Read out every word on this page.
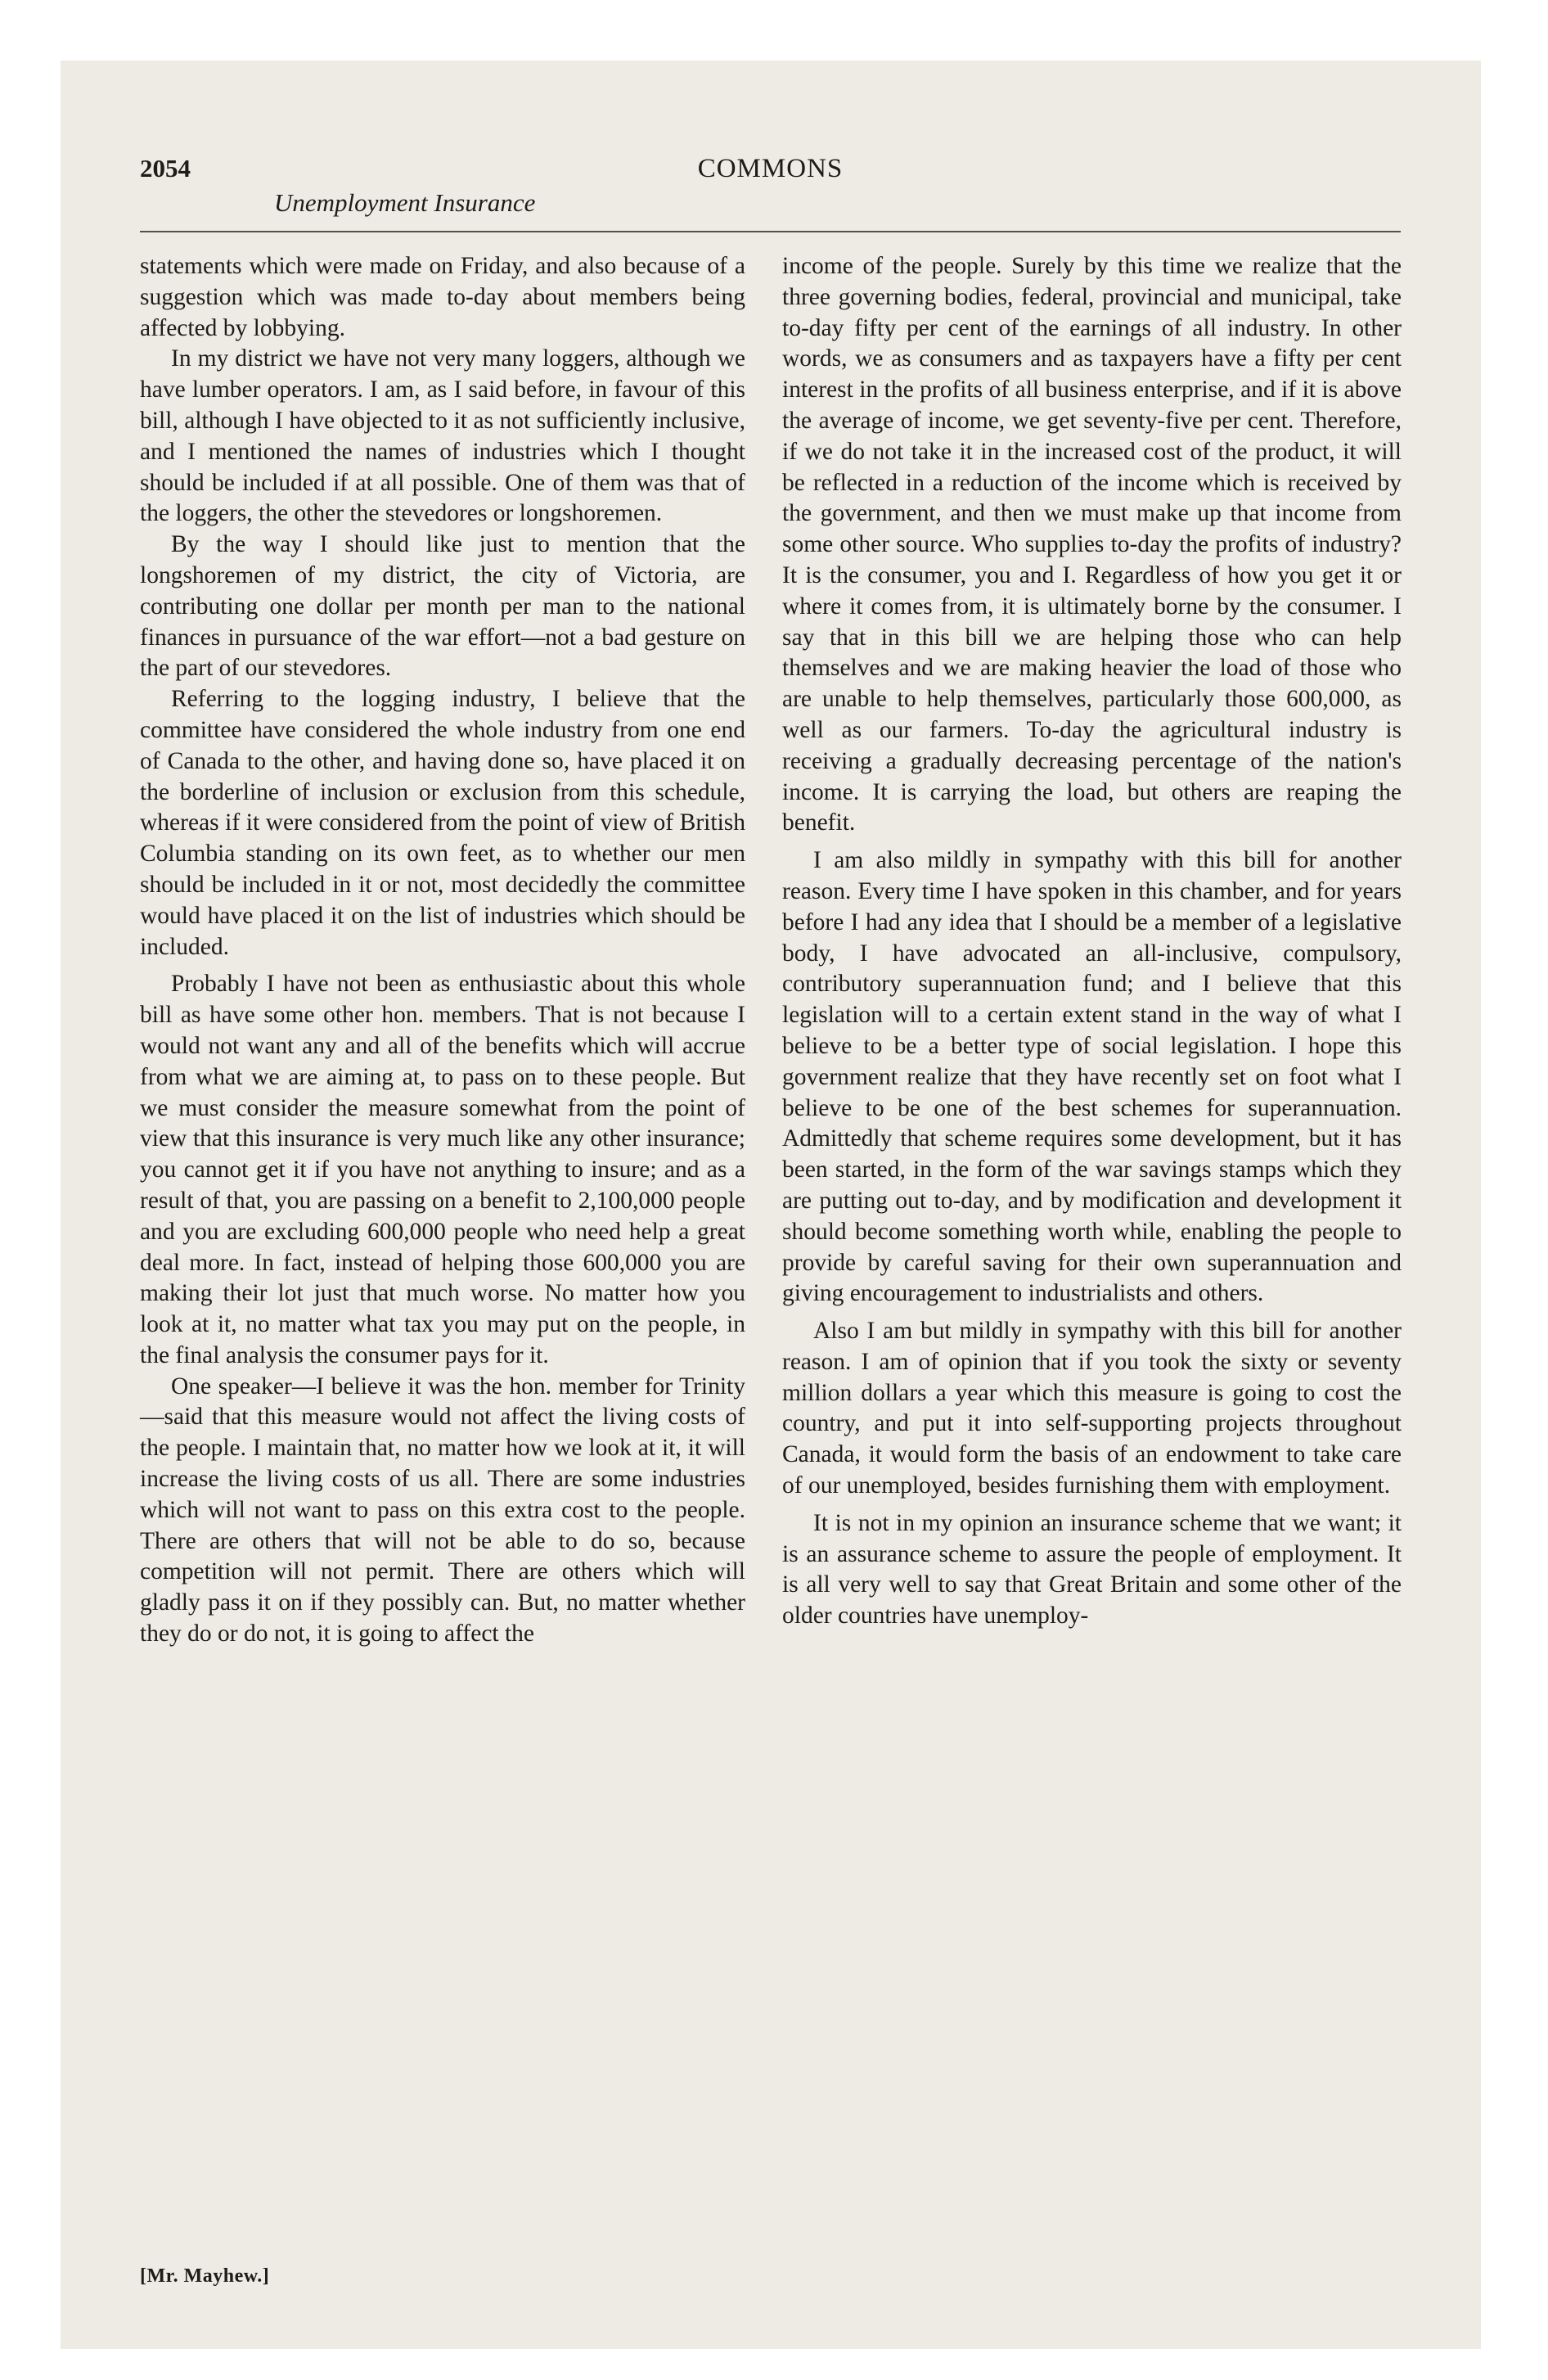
2054	COMMONS
Unemployment Insurance

statements which were made on Friday, and also because of a suggestion which was made to-day about members being affected by lobbying.

In my district we have not very many loggers, although we have lumber operators. I am, as I said before, in favour of this bill, although I have objected to it as not sufficiently inclusive, and I mentioned the names of industries which I thought should be included if at all possible. One of them was that of the loggers, the other the stevedores or longshoremen.

By the way I should like just to mention that the longshoremen of my district, the city of Victoria, are contributing one dollar per month per man to the national finances in pursuance of the war effort—not a bad gesture on the part of our stevedores.

Referring to the logging industry, I believe that the committee have considered the whole industry from one end of Canada to the other, and having done so, have placed it on the borderline of inclusion or exclusion from this schedule, whereas if it were considered from the point of view of British Columbia standing on its own feet, as to whether our men should be included in it or not, most decidedly the committee would have placed it on the list of industries which should be included.

Probably I have not been as enthusiastic about this whole bill as have some other hon. members. That is not because I would not want any and all of the benefits which will accrue from what we are aiming at, to pass on to these people. But we must consider the measure somewhat from the point of view that this insurance is very much like any other insurance; you cannot get it if you have not anything to insure; and as a result of that, you are passing on a benefit to 2,100,000 people and you are excluding 600,000 people who need help a great deal more. In fact, instead of helping those 600,000 you are making their lot just that much worse. No matter how you look at it, no matter what tax you may put on the people, in the final analysis the consumer pays for it.

One speaker—I believe it was the hon. member for Trinity—said that this measure would not affect the living costs of the people. I maintain that, no matter how we look at it, it will increase the living costs of us all. There are some industries which will not want to pass on this extra cost to the people. There are others that will not be able to do so, because competition will not permit. There are others which will gladly pass it on if they possibly can. But, no matter whether they do or do not, it is going to affect the

income of the people. Surely by this time we realize that the three governing bodies, federal, provincial and municipal, take to-day fifty per cent of the earnings of all industry. In other words, we as consumers and as taxpayers have a fifty per cent interest in the profits of all business enterprise, and if it is above the average of income, we get seventy-five per cent. Therefore, if we do not take it in the increased cost of the product, it will be reflected in a reduction of the income which is received by the government, and then we must make up that income from some other source. Who supplies to-day the profits of industry? It is the consumer, you and I. Regardless of how you get it or where it comes from, it is ultimately borne by the consumer. I say that in this bill we are helping those who can help themselves and we are making heavier the load of those who are unable to help themselves, particularly those 600,000, as well as our farmers. To-day the agricultural industry is receiving a gradually decreasing percentage of the nation's income. It is carrying the load, but others are reaping the benefit.

I am also mildly in sympathy with this bill for another reason. Every time I have spoken in this chamber, and for years before I had any idea that I should be a member of a legislative body, I have advocated an all-inclusive, compulsory, contributory superannuation fund; and I believe that this legislation will to a certain extent stand in the way of what I believe to be a better type of social legislation. I hope this government realize that they have recently set on foot what I believe to be one of the best schemes for superannuation. Admittedly that scheme requires some development, but it has been started, in the form of the war savings stamps which they are putting out to-day, and by modification and development it should become something worth while, enabling the people to provide by careful saving for their own superannuation and giving encouragement to industrialists and others.

Also I am but mildly in sympathy with this bill for another reason. I am of opinion that if you took the sixty or seventy million dollars a year which this measure is going to cost the country, and put it into self-supporting projects throughout Canada, it would form the basis of an endowment to take care of our unemployed, besides furnishing them with employment.

It is not in my opinion an insurance scheme that we want; it is an assurance scheme to assure the people of employment. It is all very well to say that Great Britain and some other of the older countries have unemploy-

[Mr. Mayhew.]
